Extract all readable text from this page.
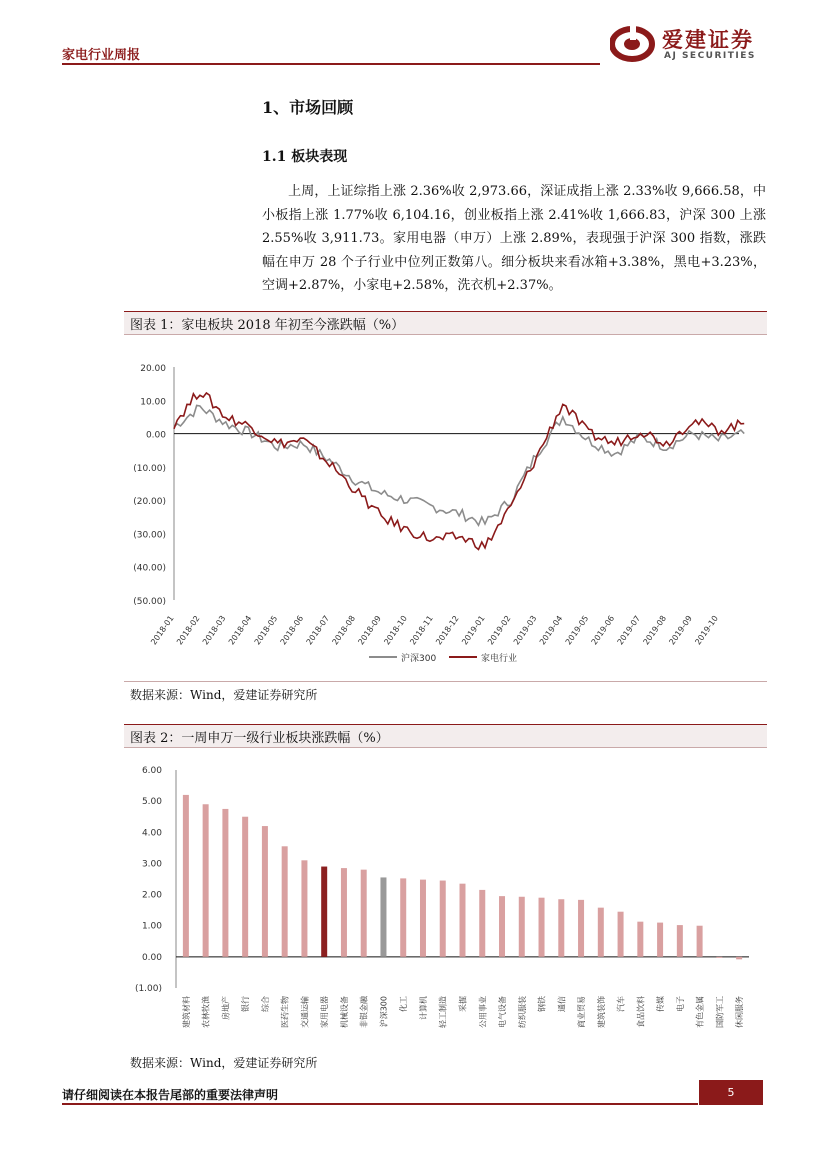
家电行业周报
爱建证券
AJ SECURITIES
1、市场回顾
1.1 板块表现
上周，上证综指上涨 2.36%收 2,973.66，深证成指上涨 2.33%收 9,666.58，中小板指上涨 1.77%收 6,104.16，创业板指上涨 2.41%收 1,666.83，沪深 300 上涨 2.55%收 3,911.73。家用电器（申万）上涨 2.89%，表现强于沪深 300 指数，涨跌幅在申万 28 个子行业中位列正数第八。细分板块来看冰箱+3.38%，黑电+3.23%，空调+2.87%，小家电+2.58%，洗衣机+2.37%。
图表 1：家电板块 2018 年初至今涨跌幅（%）
20.00
10.00
0.00
(10.00)
(20.00)
(30.00)
(40.00)
(50.00)
2018-01 2018-02 2018-03 2018-04 2018-05 2018-06 2018-07 2018-08 2018-09 2018-10 2018-11 2018-12 2019-01 2019-02 2019-03 2019-04 2019-05 2019-06 2019-07 2019-08 2019-09 2019-10
沪深300	家电行业
数据来源：Wind，爱建证券研究所
图表 2：一周申万一级行业板块涨跌幅（%）
6.00
5.00
4.00
3.00
2.00
1.00
0.00
(1.00)
建筑材料 农林牧渔 房地产 银行 综合 医药生物 交通运输 家用电器 机械设备 非银金融 沪深300 化工 计算机 轻工制造 采掘 公用事业 电气设备 纺织服装 钢铁 通信 商业贸易 建筑装饰 汽车 食品饮料 传媒 电子 有色金属 国防军工 休闲服务
数据来源：Wind，爱建证券研究所
请仔细阅读在本报告尾部的重要法律声明	5
